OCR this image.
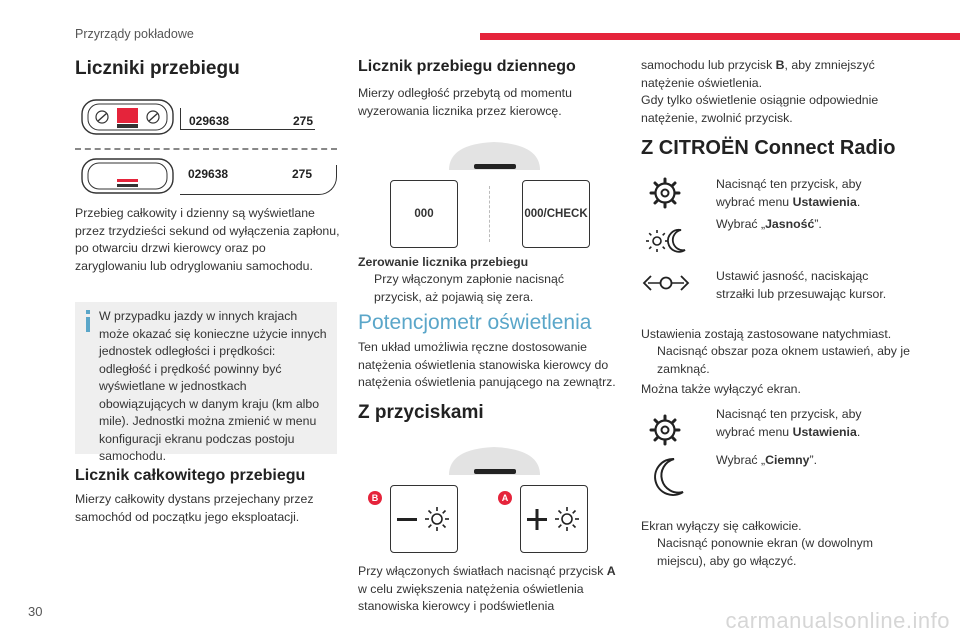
Przyrządy pokładowe
Liczniki przebiegu
029638	275
029638	275

Przebieg całkowity i dzienny są wyświetlane przez trzydzieści sekund od wyłączenia zapłonu, po otwarciu drzwi kierowcy oraz po zaryglowaniu lub odryglowaniu samochodu.

W przypadku jazdy w innych krajach może okazać się konieczne użycie innych jednostek odległości i prędkości: odległość i prędkość powinny być wyświetlane w jednostkach obowiązujących w danym kraju (km albo mile). Jednostki można zmienić w menu konfiguracji ekranu podczas postoju samochodu.

Licznik całkowitego przebiegu

Mierzy całkowity dystans przejechany przez samochód od początku jego eksploatacji.

Licznik przebiegu dziennego

Mierzy odległość przebytą od momentu wyzerowania licznika przez kierowcę.

000	000/CHECK
Zerowanie licznika przebiegu
Przy włączonym zapłonie nacisnąć przycisk, aż pojawią się zera.
Potencjometr oświetlenia

Ten układ umożliwia ręczne dostosowanie natężenia oświetlenia stanowiska kierowcy do natężenia oświetlenia panującego na zewnątrz.

Z przyciskami
B	A

Przy włączonych światłach nacisnąć przycisk A w celu zwiększenia natężenia oświetlenia stanowiska kierowcy i podświetlenia

samochodu lub przycisk B, aby zmniejszyć natężenie oświetlenia.
Gdy tylko oświetlenie osiągnie odpowiednie natężenie, zwolnić przycisk.

Z CITROËN Connect Radio
Nacisnąć ten przycisk, aby wybrać menu Ustawienia.
Wybrać „Jasność”.
Ustawić jasność, naciskając strzałki lub przesuwając kursor.

Ustawienia zostają zastosowane natychmiast.

Nacisnąć obszar poza oknem ustawień, aby je zamknąć.

Można także wyłączyć ekran.

Nacisnąć ten przycisk, aby wybrać menu Ustawienia.
Wybrać „Ciemny”.

Ekran wyłączy się całkowicie.

Nacisnąć ponownie ekran (w dowolnym miejscu), aby go włączyć.
30	carmanualsonline.info
